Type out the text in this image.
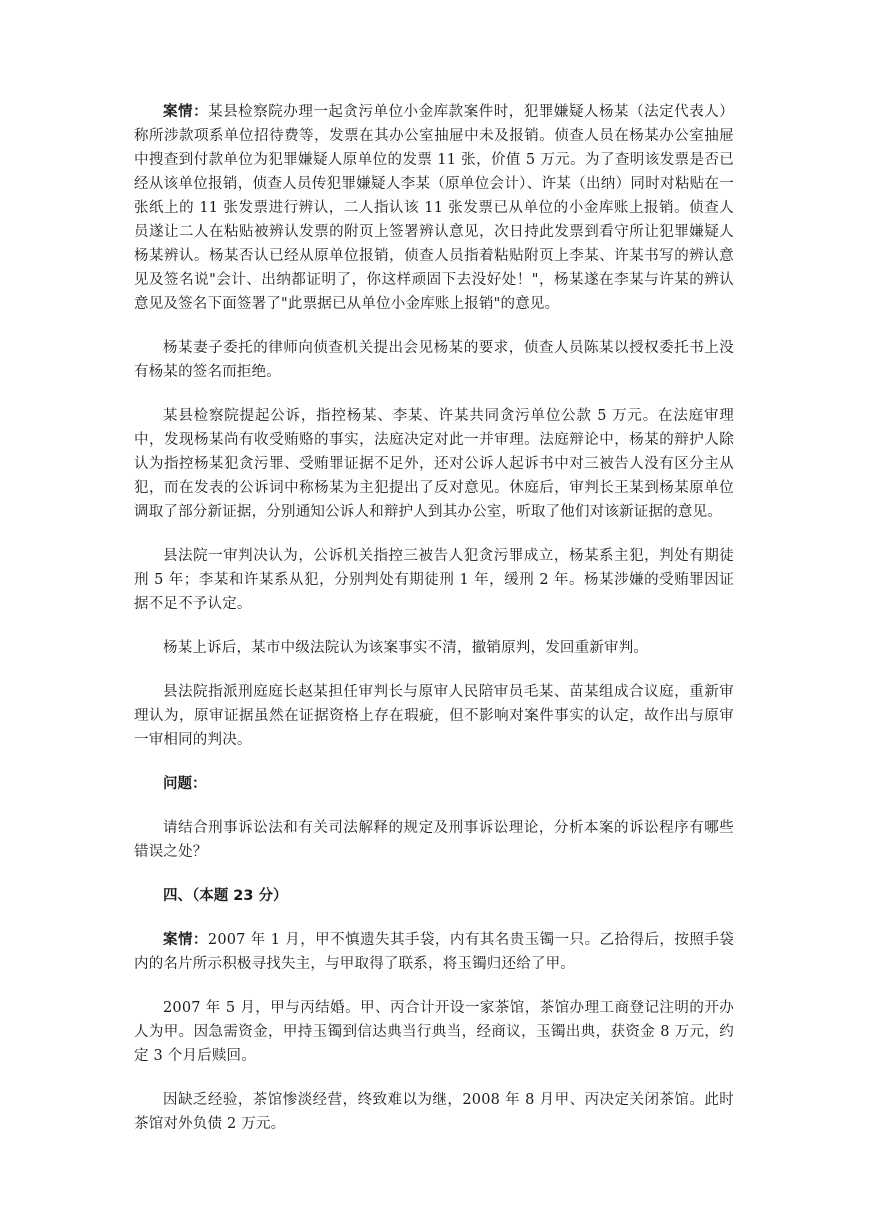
案情：某县检察院办理一起贪污单位小金库款案件时，犯罪嫌疑人杨某（法定代表人）称所涉款项系单位招待费等，发票在其办公室抽屉中未及报销。侦查人员在杨某办公室抽屉中搜查到付款单位为犯罪嫌疑人原单位的发票 11 张，价值 5 万元。为了查明该发票是否已经从该单位报销，侦查人员传犯罪嫌疑人李某（原单位会计）、许某（出纳）同时对粘贴在一张纸上的 11 张发票进行辨认，二人指认该 11 张发票已从单位的小金库账上报销。侦查人员遂让二人在粘贴被辨认发票的附页上签署辨认意见，次日持此发票到看守所让犯罪嫌疑人杨某辨认。杨某否认已经从原单位报销，侦查人员指着粘贴附页上李某、许某书写的辨认意见及签名说"会计、出纳都证明了，你这样顽固下去没好处！"，杨某遂在李某与许某的辨认意见及签名下面签署了"此票据已从单位小金库账上报销"的意见。

杨某妻子委托的律师向侦查机关提出会见杨某的要求，侦查人员陈某以授权委托书上没有杨某的签名而拒绝。

某县检察院提起公诉，指控杨某、李某、许某共同贪污单位公款 5 万元。在法庭审理中，发现杨某尚有收受贿赂的事实，法庭决定对此一并审理。法庭辩论中，杨某的辩护人除认为指控杨某犯贪污罪、受贿罪证据不足外，还对公诉人起诉书中对三被告人没有区分主从犯，而在发表的公诉词中称杨某为主犯提出了反对意见。休庭后，审判长王某到杨某原单位调取了部分新证据，分别通知公诉人和辩护人到其办公室，听取了他们对该新证据的意见。

县法院一审判决认为，公诉机关指控三被告人犯贪污罪成立，杨某系主犯，判处有期徒刑 5 年；李某和许某系从犯，分别判处有期徒刑 1 年，缓刑 2 年。杨某涉嫌的受贿罪因证据不足不予认定。

杨某上诉后，某市中级法院认为该案事实不清，撤销原判，发回重新审判。

县法院指派刑庭庭长赵某担任审判长与原审人民陪审员毛某、苗某组成合议庭，重新审理认为，原审证据虽然在证据资格上存在瑕疵，但不影响对案件事实的认定，故作出与原审一审相同的判决。

问题：

请结合刑事诉讼法和有关司法解释的规定及刑事诉讼理论，分析本案的诉讼程序有哪些错误之处？

四、（本题 23 分）

案情：2007 年 1 月，甲不慎遗失其手袋，内有其名贵玉镯一只。乙拾得后，按照手袋内的名片所示积极寻找失主，与甲取得了联系，将玉镯归还给了甲。

2007 年 5 月，甲与丙结婚。甲、丙合计开设一家茶馆，茶馆办理工商登记注明的开办人为甲。因急需资金，甲持玉镯到信达典当行典当，经商议，玉镯出典，获资金 8 万元，约定 3 个月后赎回。

因缺乏经验，茶馆惨淡经营，终致难以为继，2008 年 8 月甲、丙决定关闭茶馆。此时茶馆对外负债 2 万元。
